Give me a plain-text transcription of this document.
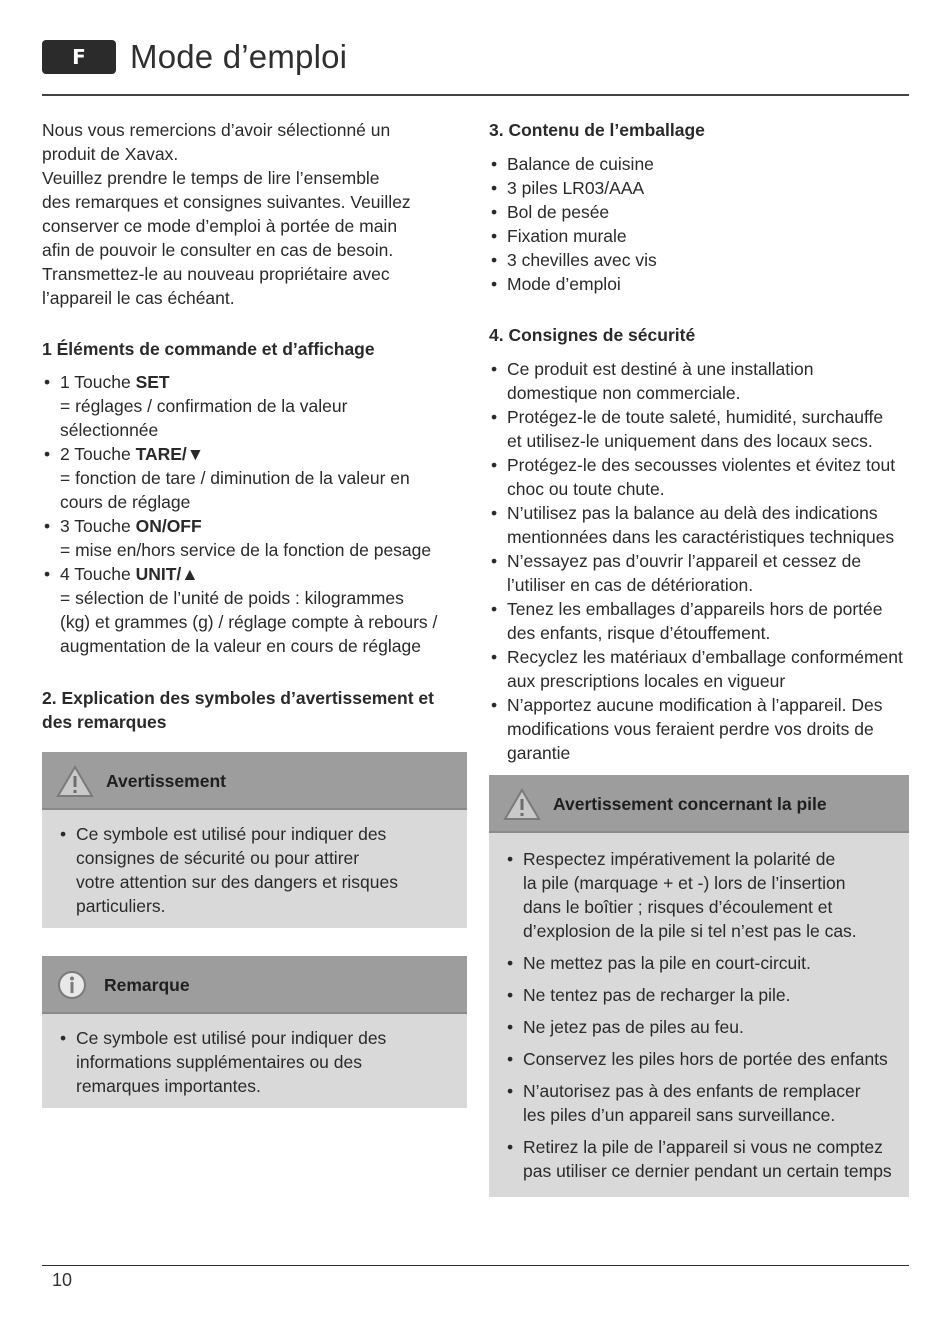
F	Mode d’emploi
Nous vous remercions d’avoir sélectionné un
produit de Xavax.
Veuillez prendre le temps de lire l’ensemble
des remarques et consignes suivantes. Veuillez
conserver ce mode d’emploi à portée de main
afin de pouvoir le consulter en cas de besoin.
Transmettez-le au nouveau propriétaire avec
l’appareil le cas échéant.
1 Éléments de commande et d’affichage
• 1 Touche SET
= réglages / confirmation de la valeur
sélectionnée
• 2 Touche TARE/▼
= fonction de tare / diminution de la valeur en
cours de réglage
• 3 Touche ON/OFF
= mise en/hors service de la fonction de pesage
• 4 Touche UNIT/▲
= sélection de l’unité de poids : kilogrammes
(kg) et grammes (g) / réglage compte à rebours /
augmentation de la valeur en cours de réglage
2. Explication des symboles d’avertissement et
des remarques
Avertissement
• Ce symbole est utilisé pour indiquer des
consignes de sécurité ou pour attirer
votre attention sur des dangers et risques
particuliers.
Remarque
• Ce symbole est utilisé pour indiquer des
informations supplémentaires ou des
remarques importantes.
3. Contenu de l’emballage
• Balance de cuisine
• 3 piles LR03/AAA
• Bol de pesée
• Fixation murale
• 3 chevilles avec vis
• Mode d’emploi
4. Consignes de sécurité
• Ce produit est destiné à une installation
domestique non commerciale.
• Protégez-le de toute saleté, humidité, surchauffe
et utilisez-le uniquement dans des locaux secs.
• Protégez-le des secousses violentes et évitez tout
choc ou toute chute.
• N’utilisez pas la balance au delà des indications
mentionnées dans les caractéristiques techniques
• N’essayez pas d’ouvrir l’appareil et cessez de
l’utiliser en cas de détérioration.
• Tenez les emballages d’appareils hors de portée
des enfants, risque d’étouffement.
• Recyclez les matériaux d’emballage conformément
aux prescriptions locales en vigueur
• N’apportez aucune modification à l’appareil. Des
modifications vous feraient perdre vos droits de
garantie
Avertissement concernant la pile
• Respectez impérativement la polarité de
la pile (marquage + et -) lors de l’insertion
dans le boîtier ; risques d’écoulement et
d’explosion de la pile si tel n’est pas le cas.
• Ne mettez pas la pile en court-circuit.
• Ne tentez pas de recharger la pile.
• Ne jetez pas de piles au feu.
• Conservez les piles hors de portée des enfants
• N’autorisez pas à des enfants de remplacer
les piles d’un appareil sans surveillance.
• Retirez la pile de l’appareil si vous ne comptez
pas utiliser ce dernier pendant un certain temps
10
